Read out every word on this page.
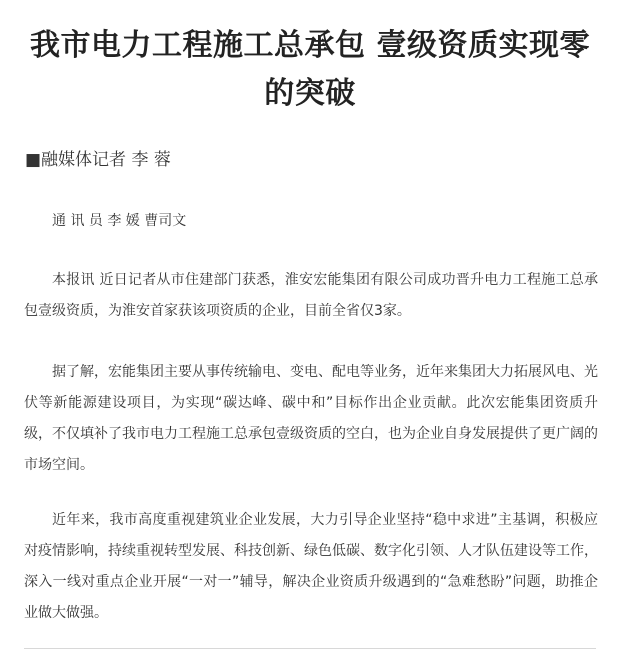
我市电力工程施工总承包 壹级资质实现零的突破
■融媒体记者 李 蓉
通 讯 员 李 媛 曹司文

本报讯 近日记者从市住建部门获悉，淮安宏能集团有限公司成功晋升电力工程施工总承包壹级资质，为淮安首家获该项资质的企业，目前全省仅3家。

据了解，宏能集团主要从事传统输电、变电、配电等业务，近年来集团大力拓展风电、光伏等新能源建设项目，为实现“碳达峰、碳中和”目标作出企业贡献。此次宏能集团资质升级，不仅填补了我市电力工程施工总承包壹级资质的空白，也为企业自身发展提供了更广阔的市场空间。

近年来，我市高度重视建筑业企业发展，大力引导企业坚持“稳中求进”主基调，积极应对疫情影响，持续重视转型发展、科技创新、绿色低碳、数字化引领、人才队伍建设等工作，深入一线对重点企业开展“一对一”辅导，解决企业资质升级遇到的“急难愁盼”问题，助推企业做大做强。
